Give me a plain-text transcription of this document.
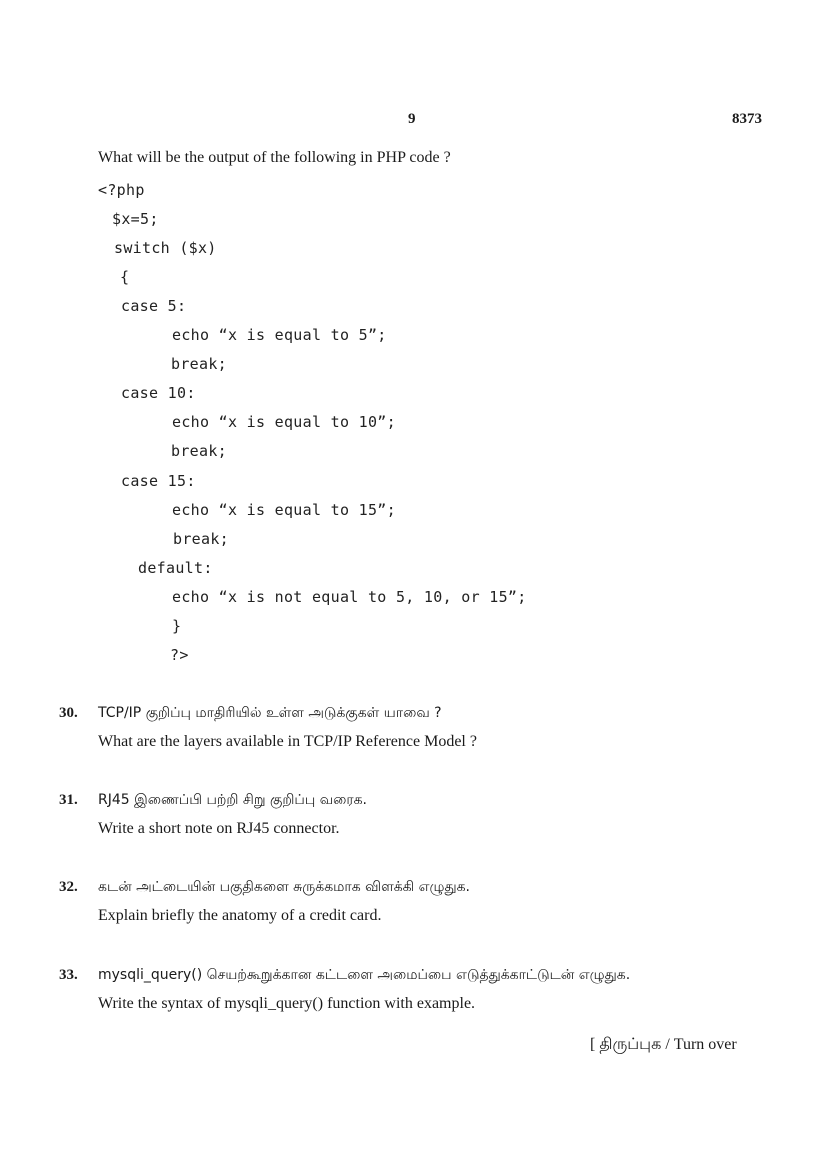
9	8373
What will be the output of the following in PHP code ?
<?php
$x=5;
switch ($x)
{
case 5:
echo “x is equal to 5”;
break;
case 10:
echo “x is equal to 10”;
break;
case 15:
echo “x is equal to 15”;
break;
default:
echo “x is not equal to 5, 10, or 15”;
}
?>
30. TCP/IP குறிப்பு மாதிரியில் உள்ள அடுக்குகள் யாவை ?
What are the layers available in TCP/IP Reference Model ?
31. RJ45 இணைப்பி பற்றி சிறு குறிப்பு வரைக.
Write a short note on RJ45 connector.
32. கடன் அட்டையின் பகுதிகளை சுருக்கமாக விளக்கி எழுதுக.
Explain briefly the anatomy of a credit card.
33. mysqli_query() செயற்கூறுக்கான கட்டளை அமைப்பை எடுத்துக்காட்டுடன் எழுதுக.
Write the syntax of mysqli_query() function with example.
[ திருப்புக / Turn over
